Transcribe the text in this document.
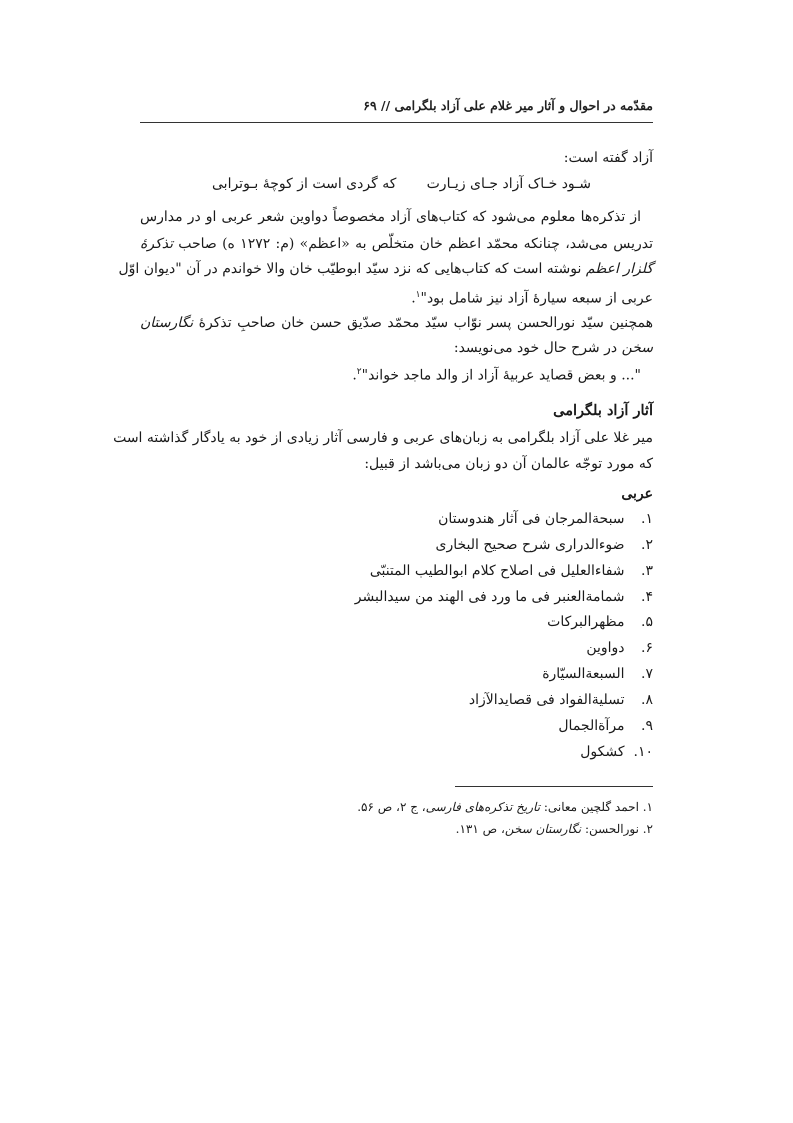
مقدّمه در احوال و آثار میر غلام علی آزاد بلگرامی // ۶۹
آزاد گفته است:
شـود خـاک آزاد جـای زیـارت
که گردی است از کوچهٔ بـوترابی
از تذکره‌ها معلوم می‌شود که کتاب‌های آزاد مخصوصاً دواوین شعر عربی او در مدارس
تدریس می‌شد، چنانکه محمّد اعظم خان متخلّص به «اعظم» (م: ۱۲۷۲ ه) صاحب تذکرهٔ
گلزار اعظم نوشته است که کتاب‌هایی که نزد سیّد ابوطیّب خان والا خواندم در آن "دیوان اوّل
عربی از سبعه سیارهٔ آزاد نیز شامل بود"$^۱$.
همچنین سیّد نورالحسن پسر نوّاب سیّد محمّد صدّیق حسن خان صاحبِ تذکرهٔ نگارستان
سخن در شرح حال خود می‌نویسد:
"... و بعض قصاید عربیهٔ آزاد از والد ماجد خواند"$^۲$.
آثار آزاد بلگرامی
میر غلا علی آزاد بلگرامی به زبان‌های عربی و فارسی آثار زیادی از خود به یادگار گذاشته است
که مورد توجّه عالمان آن دو زبان می‌باشد از قبیل:
عربی
۱. سبحة‌المرجان فی آثار هندوستان
۲. ضوءالدراری شرح صحیح البخاری
۳. شفاءالعلیل فی اصلاح کلام ابوالطیب المتنبّی
۴. شمامةالعنبر فی ما ورد فی الهند من سیدالبشر
۵. مظهرالبرکات
۶. دواوین
۷. السبعةالسیّارة
۸. تسلیةالفواد فی قصایدالآزاد
۹. مرآةالجمال
۱۰. کشکول
۱. احمد گلچین معانی: تاریخ تذکره‌های فارسی، ج ۲، ص ۵۶.
۲. نورالحسن: نگارستان سخن، ص ۱۳۱.
